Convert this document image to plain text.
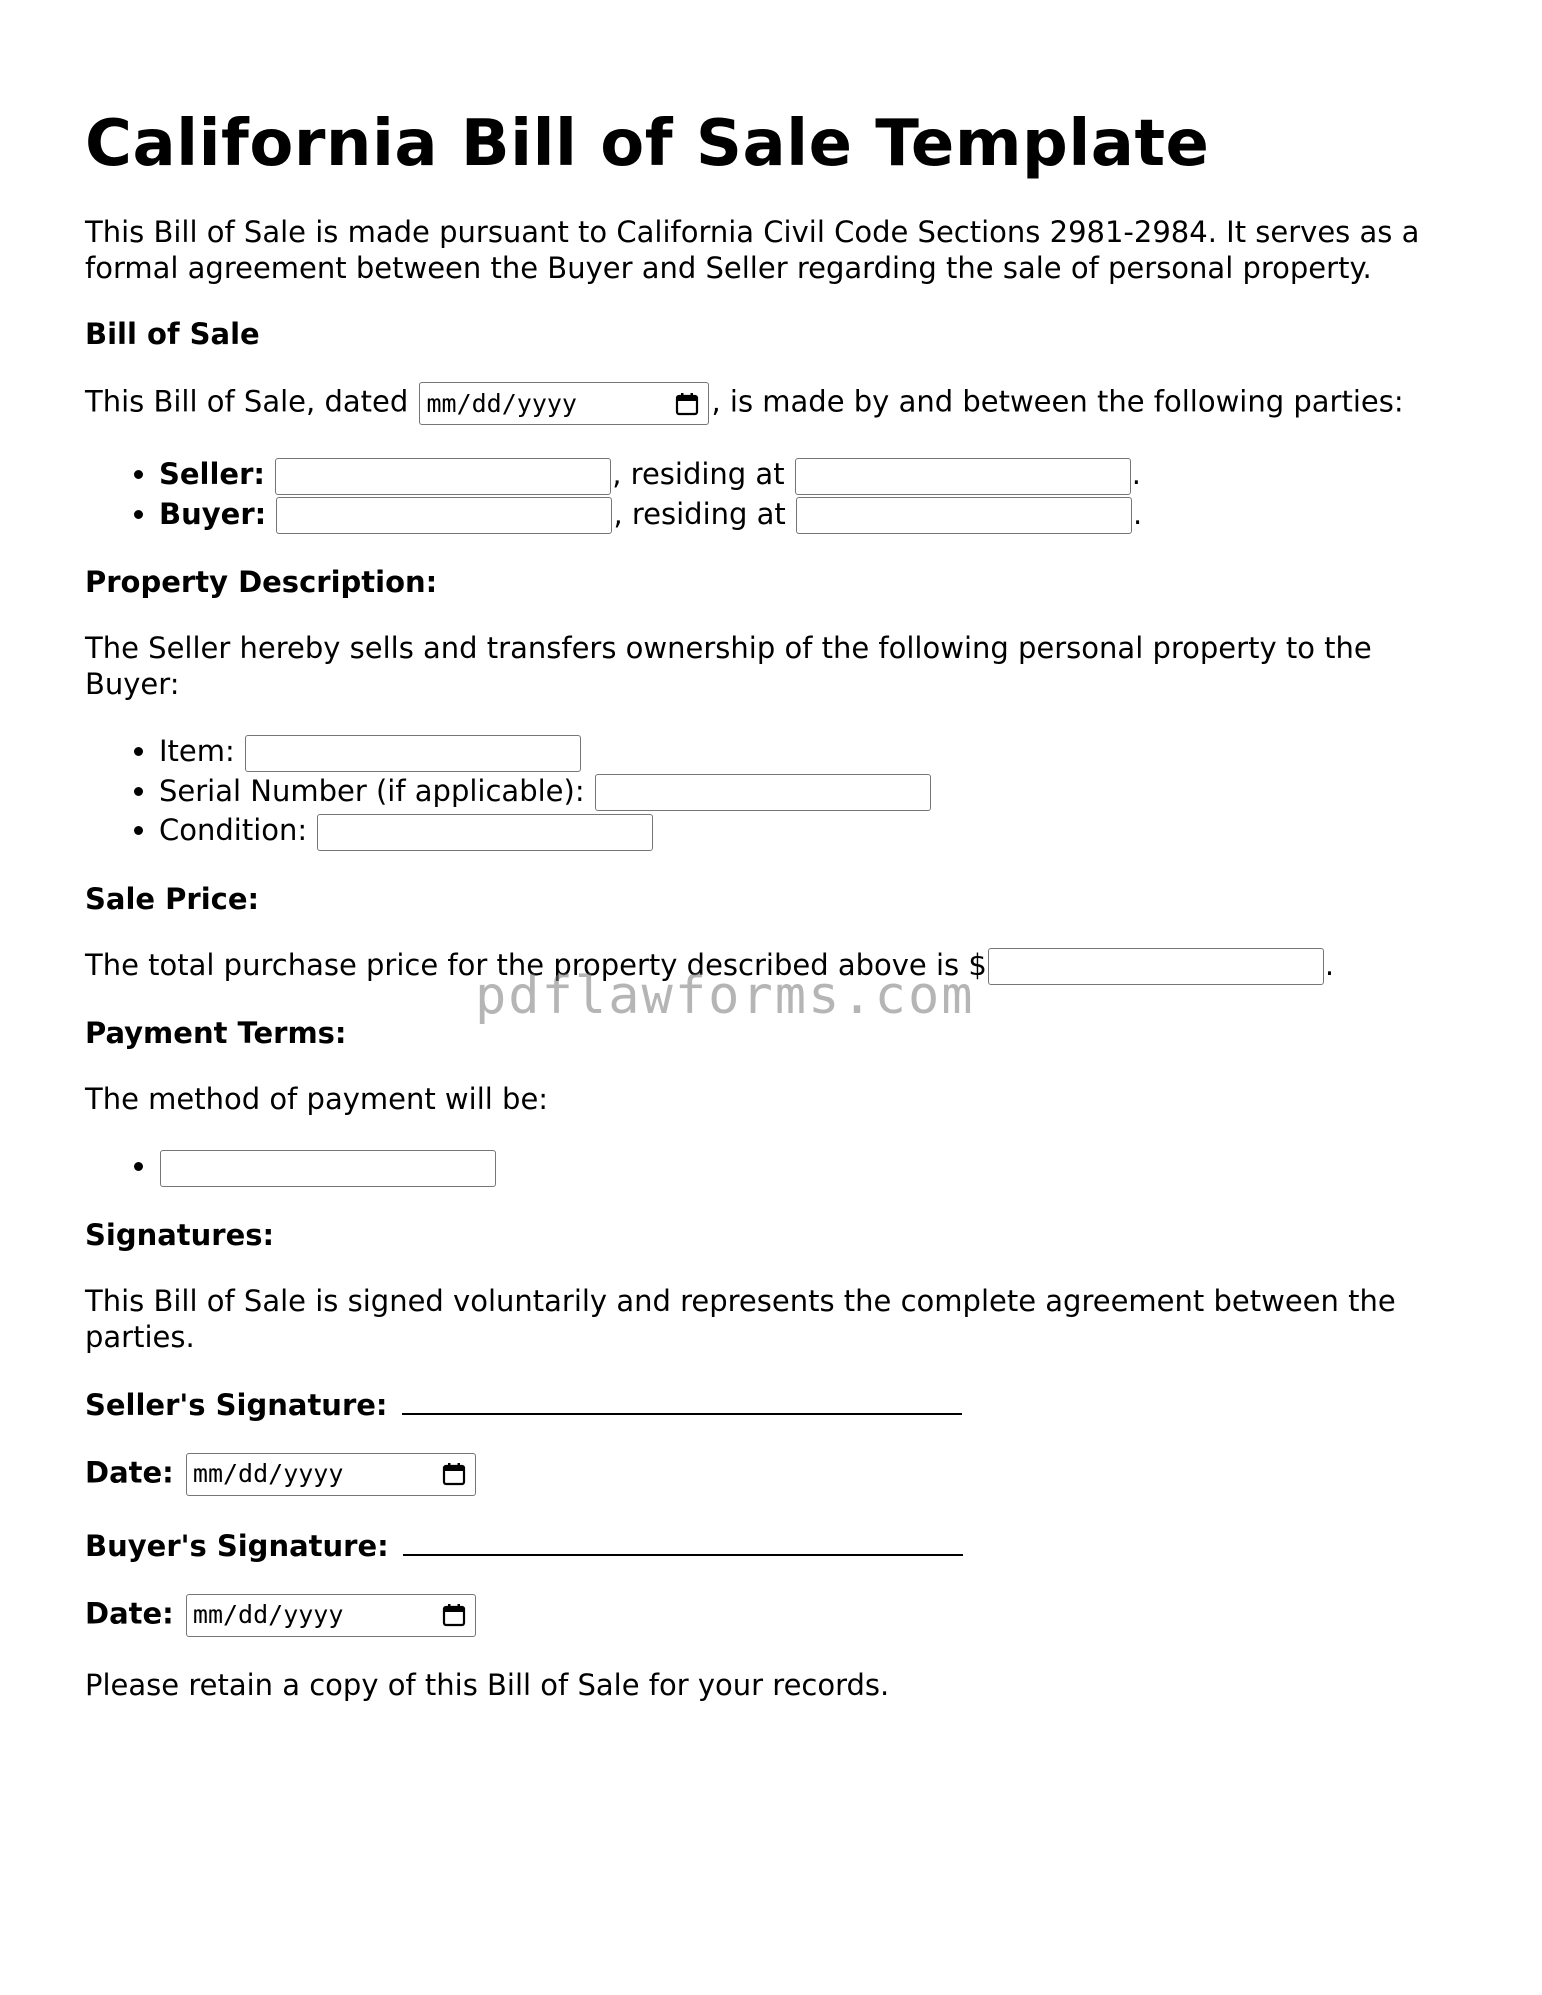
California Bill of Sale Template

This Bill of Sale is made pursuant to California Civil Code Sections 2981-2984. It serves as a formal agreement between the Buyer and Seller regarding the sale of personal property.

Bill of Sale

This Bill of Sale, dated mm/dd/yyyy	, is made by and between the following parties:

• Seller:	, residing at	.
• Buyer:	, residing at	.
Property Description:

The Seller hereby sells and transfers ownership of the following personal property to the Buyer:

• Item:
• Serial Number (if applicable):
• Condition:
Sale Price:

The total purchase price for the property described above is $	.

Payment Terms:

The method of payment will be:

•
Signatures:

This Bill of Sale is signed voluntarily and represents the complete agreement between the parties.

Seller's Signature:
Date: mm/dd/yyyy
Buyer's Signature:
Date: mm/dd/yyyy

Please retain a copy of this Bill of Sale for your records.

pdflawforms.com
